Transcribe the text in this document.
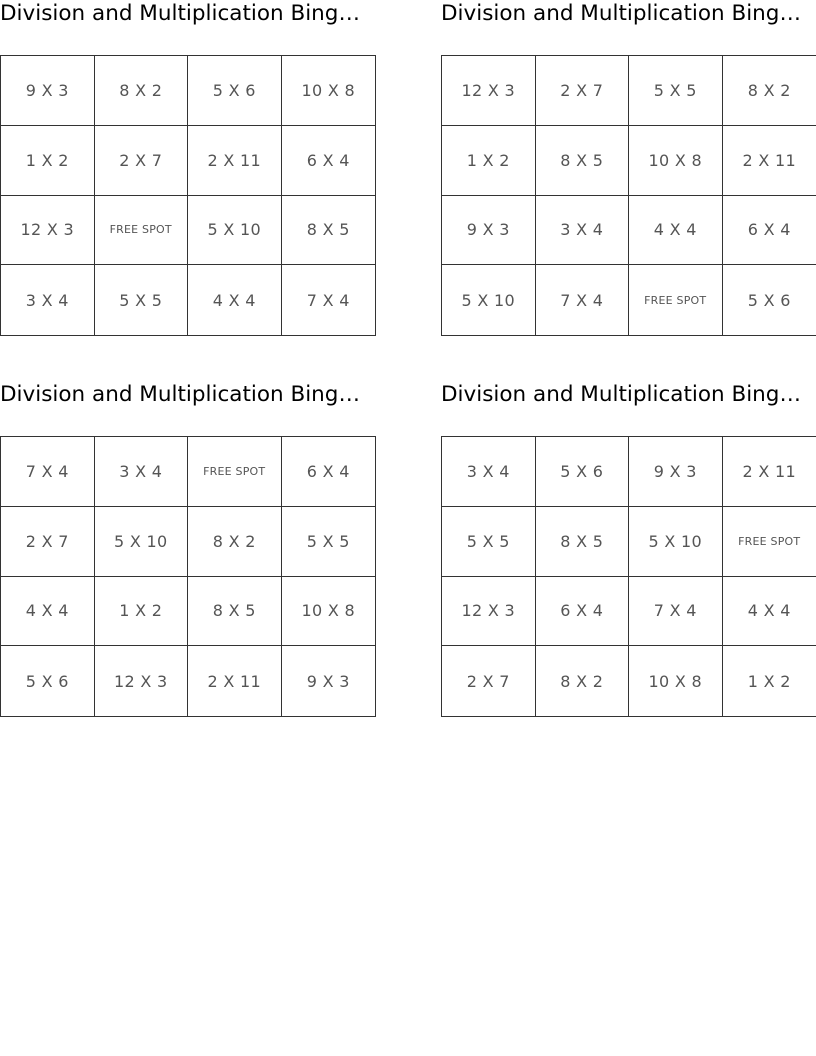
Division and Multiplication Bing…
9 X 3	8 X 2	5 X 6	10 X 8
1 X 2	2 X 7	2 X 11	6 X 4
12 X 3	FREE SPOT	5 X 10	8 X 5
3 X 4	5 X 5	4 X 4	7 X 4
Division and Multiplication Bing…
12 X 3	2 X 7	5 X 5	8 X 2
1 X 2	8 X 5	10 X 8	2 X 11
9 X 3	3 X 4	4 X 4	6 X 4
5 X 10	7 X 4	FREE SPOT	5 X 6
Division and Multiplication Bing…
7 X 4	3 X 4	FREE SPOT	6 X 4
2 X 7	5 X 10	8 X 2	5 X 5
4 X 4	1 X 2	8 X 5	10 X 8
5 X 6	12 X 3	2 X 11	9 X 3
Division and Multiplication Bing…
3 X 4	5 X 6	9 X 3	2 X 11
5 X 5	8 X 5	5 X 10	FREE SPOT
12 X 3	6 X 4	7 X 4	4 X 4
2 X 7	8 X 2	10 X 8	1 X 2
